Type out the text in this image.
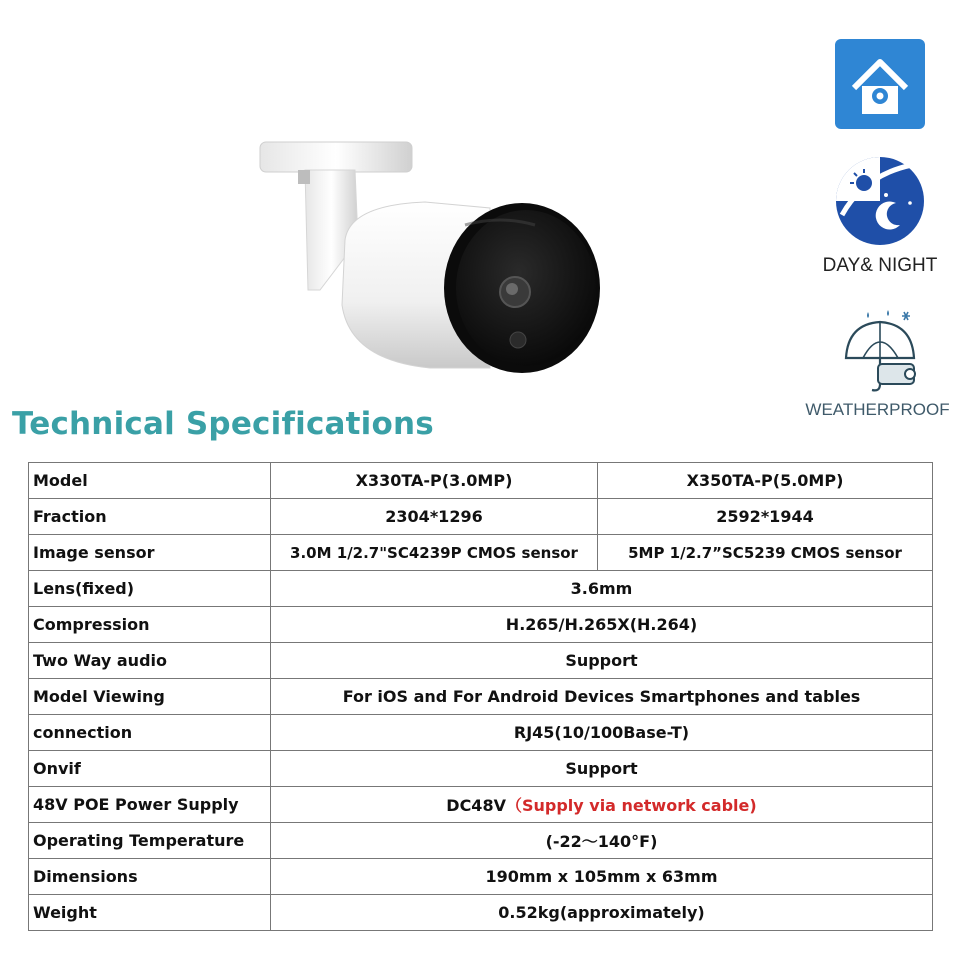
DAY& NIGHT
WEATHERPROOF
Technical Specifications
Model	X330TA-P(3.0MP)	X350TA-P(5.0MP)
Fraction	2304*1296	2592*1944
Image sensor	3.0M 1/2.7"SC4239P CMOS sensor	5MP 1/2.7”SC5239 CMOS sensor
Lens(fixed)	3.6mm	
Compression	H.265/H.265X(H.264)	
Two Way audio	Support	
Model Viewing	For iOS and For Android Devices Smartphones and tables	
connection	RJ45(10/100Base-T)	
Onvif	Support	
48V POE Power Supply	DC48V（Supply via network cable)	
Operating Temperature	(-22～140°F)	
Dimensions	190mm x 105mm x 63mm	
Weight	0.52kg(approximately)	
